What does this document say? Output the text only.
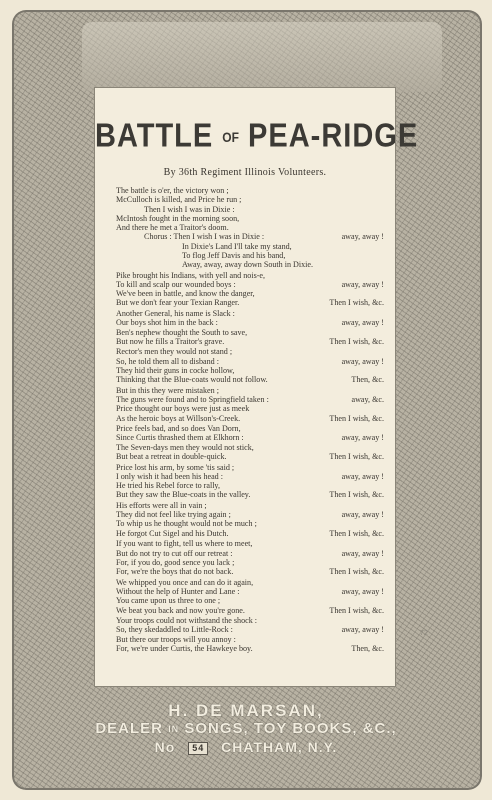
BATTLE OF PEA-RIDGE
By 36th Regiment Illinois Volunteers.
The battle is o'er, the victory won ;
McCulloch is killed, and Price he run ;
Then I wish I was in Dixie :
McIntosh fought in the morning soon,
And there he met a Traitor's doom.
Chorus : Then I wish I was in Dixie :	away, away !
In Dixie's Land I'll take my stand,
To flog Jeff Davis and his band,
Away, away, away down South in Dixie.
Pike brought his Indians, with yell and nois-e,
To kill and scalp our wounded boys :	away, away !
We've been in battle, and know the danger,
But we don't fear your Texian Ranger.	Then I wish, &c.
Another General, his name is Slack :
Our boys shot him in the back :	away, away !
Ben's nephew thought the South to save,
But now he fills a Traitor's grave.	Then I wish, &c.
Rector's men they would not stand ;
So, he told them all to disband :	away, away !
They hid their guns in cocke hollow,
Thinking that the Blue-coats would not follow.	Then, &c.
But in this they were mistaken ;
The guns were found and to Springfield taken :	away, &c.
Price thought our boys were just as meek
As the heroic boys at Willson's-Creek.	Then I wish, &c.
Price feels bad, and so does Van Dorn,
Since Curtis thrashed them at Elkhorn :	away, away !
The Seven-days men they would not stick,
But beat a retreat in double-quick.	Then I wish, &c.
Price lost his arm, by some 'tis said ;
I only wish it had been his head :	away, away !
He tried his Rebel force to rally,
But they saw the Blue-coats in the valley.	Then I wish, &c.
His efforts were all in vain ;
They did not feel like trying again ;	away, away !
To whip us he thought would not be much ;
He forgot Cut Sigel and his Dutch.	Then I wish, &c.
If you want to fight, tell us where to meet,
But do not try to cut off our retreat :	away, away !
For, if you do, good sence you lack ;
For, we're the boys that do not back.	Then I wish, &c.
We whipped you once and can do it again,
Without the help of Hunter and Lane :	away, away !
You came upon us three to one ;
We beat you back and now you're gone.	Then I wish, &c.
Your troops could not withstand the shock :
So, they skedaddled to Little-Rock :	away, away !
But there our troops will you annoy :
For, we're under Curtis, the Hawkeye boy.	Then, &c.
72
H. DE MARSAN,
DEALER IN SONGS, TOY BOOKS, &C.,
No 54 CHATHAM, N.Y.
